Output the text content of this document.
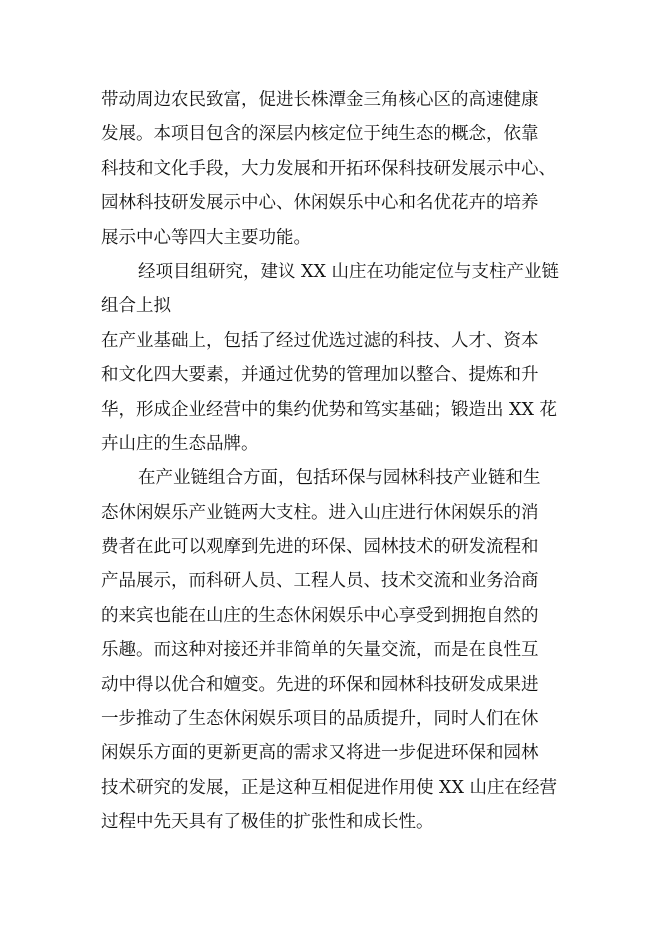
带动周边农民致富，促进长株潭金三角核心区的高速健康
发展。本项目包含的深层内核定位于纯生态的概念，依靠
科技和文化手段，大力发展和开拓环保科技研发展示中心、
园林科技研发展示中心、休闲娱乐中心和名优花卉的培养
展示中心等四大主要功能。
经项目组研究，建议 XX 山庄在功能定位与支柱产业链
组合上拟
在产业基础上，包括了经过优选过滤的科技、人才、资本
和文化四大要素，并通过优势的管理加以整合、提炼和升
华，形成企业经营中的集约优势和笃实基础；锻造出 XX 花
卉山庄的生态品牌。
在产业链组合方面，包括环保与园林科技产业链和生
态休闲娱乐产业链两大支柱。进入山庄进行休闲娱乐的消
费者在此可以观摩到先进的环保、园林技术的研发流程和
产品展示，而科研人员、工程人员、技术交流和业务洽商
的来宾也能在山庄的生态休闲娱乐中心享受到拥抱自然的
乐趣。而这种对接还并非简单的矢量交流，而是在良性互
动中得以优合和嬗变。先进的环保和园林科技研发成果进
一步推动了生态休闲娱乐项目的品质提升，同时人们在休
闲娱乐方面的更新更高的需求又将进一步促进环保和园林
技术研究的发展，正是这种互相促进作用使 XX 山庄在经营
过程中先天具有了极佳的扩张性和成长性。
